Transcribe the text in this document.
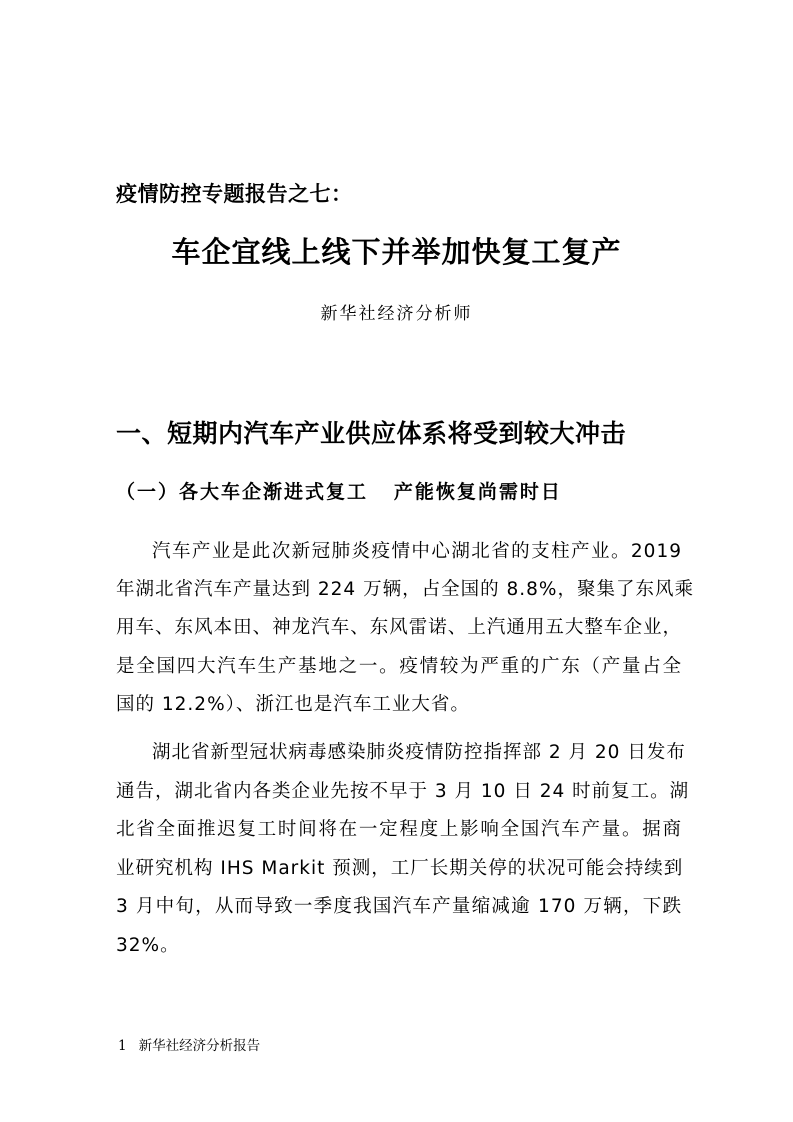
疫情防控专题报告之七：
车企宜线上线下并举加快复工复产
新华社经济分析师
一、短期内汽车产业供应体系将受到较大冲击
（一）各大车企渐进式复工   产能恢复尚需时日
汽车产业是此次新冠肺炎疫情中心湖北省的支柱产业。2019
年湖北省汽车产量达到 224 万辆，占全国的 8.8%，聚集了东风乘
用车、东风本田、神龙汽车、东风雷诺、上汽通用五大整车企业，
是全国四大汽车生产基地之一。疫情较为严重的广东（产量占全
国的 12.2%）、浙江也是汽车工业大省。
湖北省新型冠状病毒感染肺炎疫情防控指挥部 2 月 20 日发布
通告，湖北省内各类企业先按不早于 3 月 10 日 24 时前复工。湖
北省全面推迟复工时间将在一定程度上影响全国汽车产量。据商
业研究机构 IHS Markit 预测，工厂长期关停的状况可能会持续到
3 月中旬，从而导致一季度我国汽车产量缩减逾 170 万辆，下跌
32%。
1 新华社经济分析报告
